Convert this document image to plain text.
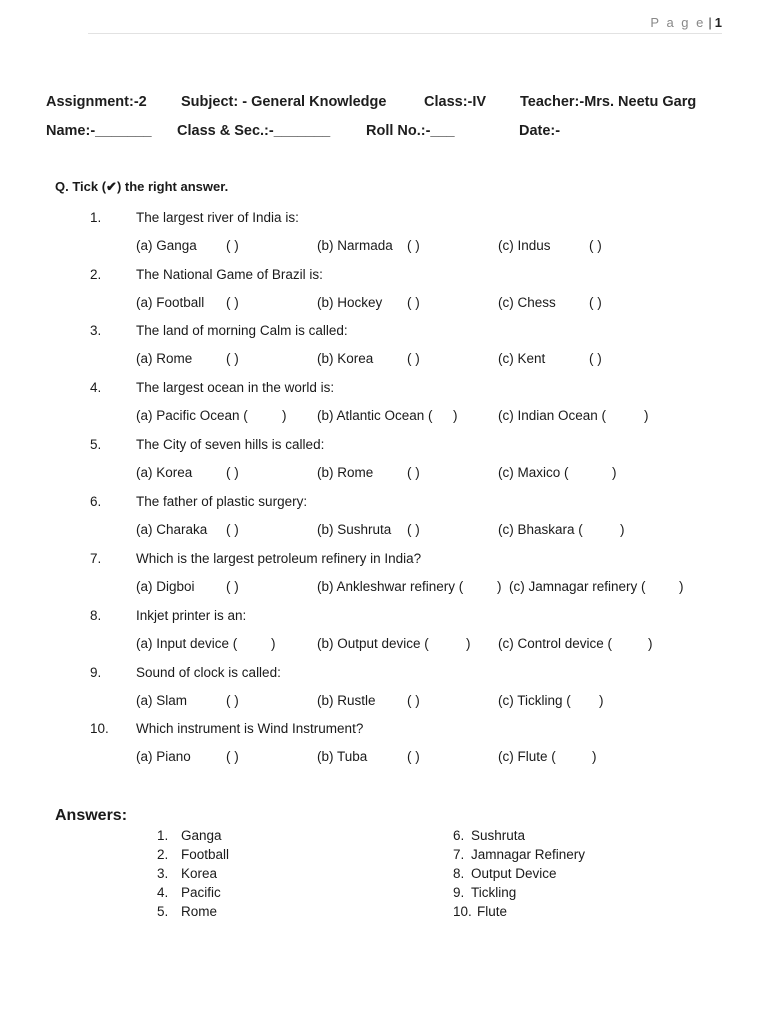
P a g e | 1
Assignment:-2 Subject: - General Knowledge	Class:-IV Teacher:-Mrs. Neetu Garg
Name:-_______ Class & Sec.:-_______ Roll No.:-___	Date:-
Q. Tick (✔) the right answer.
1.	The largest river of India is:
(a) Ganga ( )	(b) Narmada ( )	(c) Indus	( )
2.	The National Game of Brazil is:
(a) Football ( )	(b) Hockey ( )	(c) Chess ( )
3.	The land of morning Calm is called:
(a) Rome ( )	(b) Korea ( )	(c) Kent	( )
4.	The largest ocean in the world is:
(a) Pacific Ocean (	) (b) Atlantic Ocean ( )	(c) Indian Ocean (	)
5.	The City of seven hills is called:
(a) Korea ( )	(b) Rome ( )	(c) Maxico (	)
6.	The father of plastic surgery:
(a) Charaka ( )	(b) Sushruta ( )	(c) Bhaskara (	)
7.	Which is the largest petroleum refinery in India?
(a) Digboi ( )	(b) Ankleshwar refinery ( ) (c) Jamnagar refinery ( )
8.	Inkjet printer is an:
(a) Input device ( )	(b) Output device (	) (c) Control device (	)
9.	Sound of clock is called:
(a) Slam	( )	(b) Rustle ( )	(c) Tickling ( )
10. Which instrument is Wind Instrument?
(a) Piano	( )	(b) Tuba	( )	(c) Flute (	)
Answers:
1. Ganga
2. Football
3. Korea
4. Pacific
5. Rome
6. Sushruta
7. Jamnagar Refinery
8. Output Device
9. Tickling
10. Flute
